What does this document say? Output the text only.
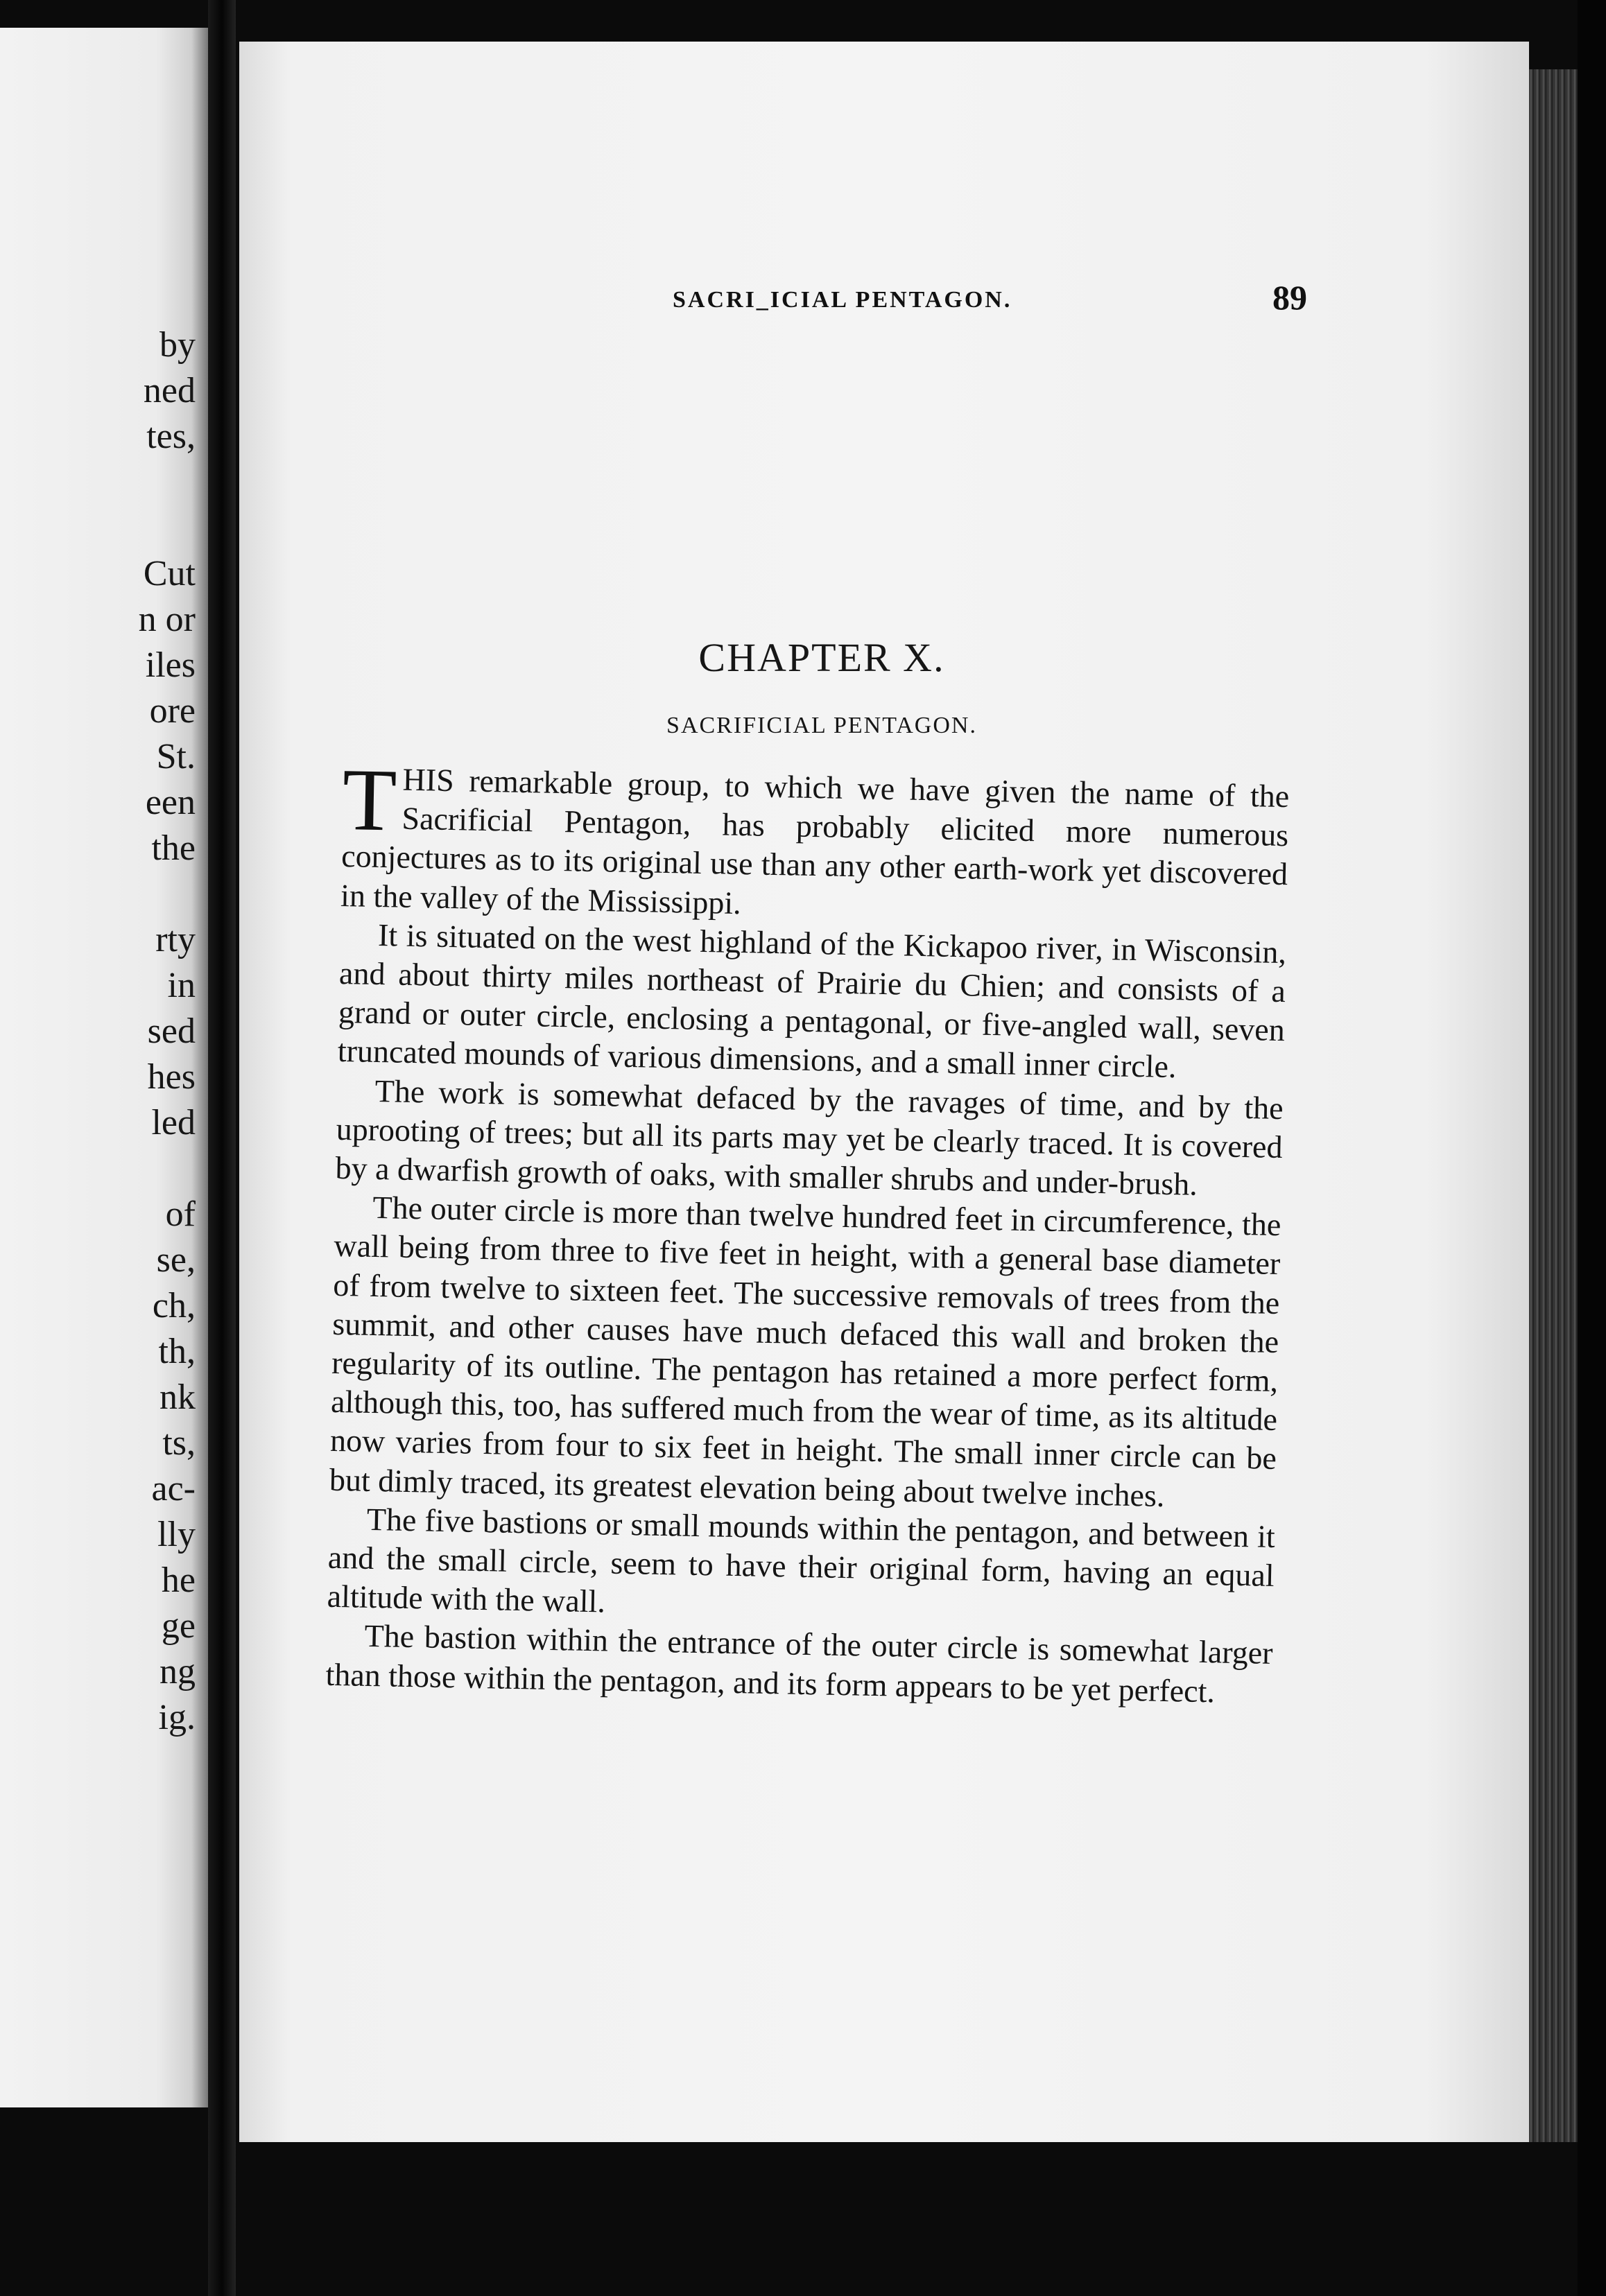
by
ned
tes,
Cut
n or
iles
ore
St.
een
the
rty
in
sed
hes
led
of
se,
ch,
th,
nk
ts,
ac-
lly
he
ge
ng
ig.
SACRI_ICIAL PENTAGON.	89
CHAPTER X.
SACRIFICIAL PENTAGON.

THIS remarkable group, to which we have given the name of the Sacrificial Pentagon, has probably elicited more numerous conjectures as to its original use than any other earth-work yet discovered in the valley of the Mississippi.

It is situated on the west highland of the Kickapoo river, in Wisconsin, and about thirty miles northeast of Prairie du Chien; and consists of a grand or outer circle, enclosing a pentagonal, or five-angled wall, seven truncated mounds of various dimensions, and a small inner circle.

The work is somewhat defaced by the ravages of time, and by the uprooting of trees; but all its parts may yet be clearly traced. It is covered by a dwarfish growth of oaks, with smaller shrubs and under-brush.

The outer circle is more than twelve hundred feet in circumference, the wall being from three to five feet in height, with a general base diameter of from twelve to sixteen feet. The successive removals of trees from the summit, and other causes have much defaced this wall and broken the regularity of its outline. The pentagon has retained a more perfect form, although this, too, has suffered much from the wear of time, as its altitude now varies from four to six feet in height. The small inner circle can be but dimly traced, its greatest elevation being about twelve inches.

The five bastions or small mounds within the pentagon, and between it and the small circle, seem to have their original form, having an equal altitude with the wall.

The bastion within the entrance of the outer circle is somewhat larger than those within the pentagon, and its form appears to be yet perfect.
